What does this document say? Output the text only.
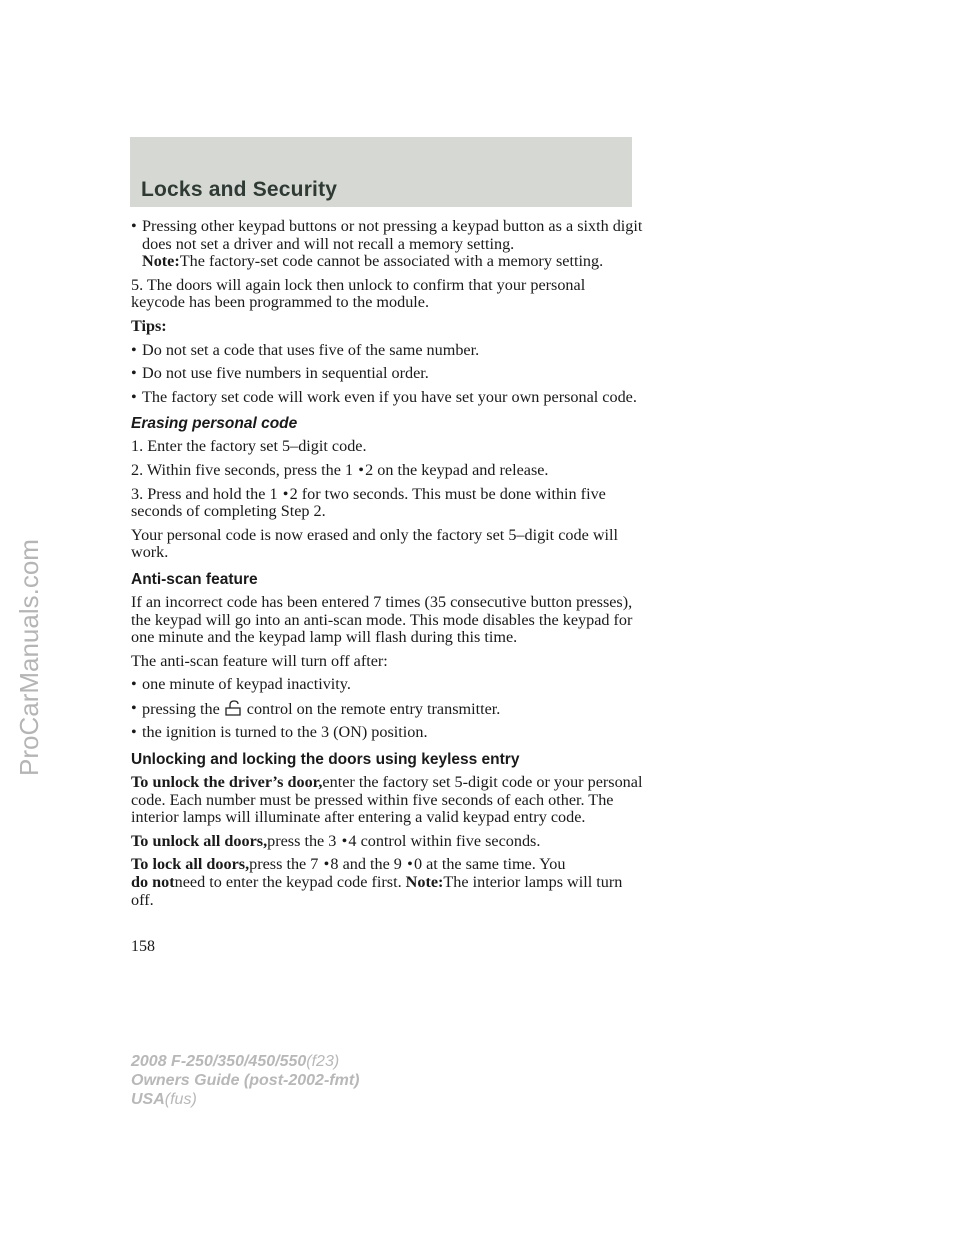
Locks and Security
• Pressing other keypad buttons or not pressing a keypad button as a sixth digit does not set a driver and will not recall a memory setting.
Note:The factory-set code cannot be associated with a memory setting.

5. The doors will again lock then unlock to confirm that your personal keycode has been programmed to the module.

Tips:

• Do not set a code that uses five of the same number.
• Do not use five numbers in sequential order.
• The factory set code will work even if you have set your own personal code.
Erasing personal code

1. Enter the factory set 5–digit code.

2. Within five seconds, press the 1 •2 on the keypad and release.

3. Press and hold the 1 •2 for two seconds. This must be done within five seconds of completing Step 2.

Your personal code is now erased and only the factory set 5–digit code will work.

Anti-scan feature

If an incorrect code has been entered 7 times (35 consecutive button presses), the keypad will go into an anti-scan mode. This mode disables the keypad for one minute and the keypad lamp will flash during this time.

The anti-scan feature will turn off after:

• one minute of keypad inactivity.
• pressing the control on the remote entry transmitter.
• the ignition is turned to the 3 (ON) position.
Unlocking and locking the doors using keyless entry

To unlock the driver’s door,enter the factory set 5-digit code or your personal code. Each number must be pressed within five seconds of each other. The interior lamps will illuminate after entering a valid keypad entry code.

To unlock all doors,press the 3 •4 control within five seconds.

To lock all doors,press the 7 •8 and the 9 •0 at the same time. You
do notneed to enter the keypad code first. Note:The interior lamps will turn off.

158
2008 F-250/350/450/550(f23)
Owners Guide (post-2002-fmt)
USA(fus)
ProCarManuals.com
